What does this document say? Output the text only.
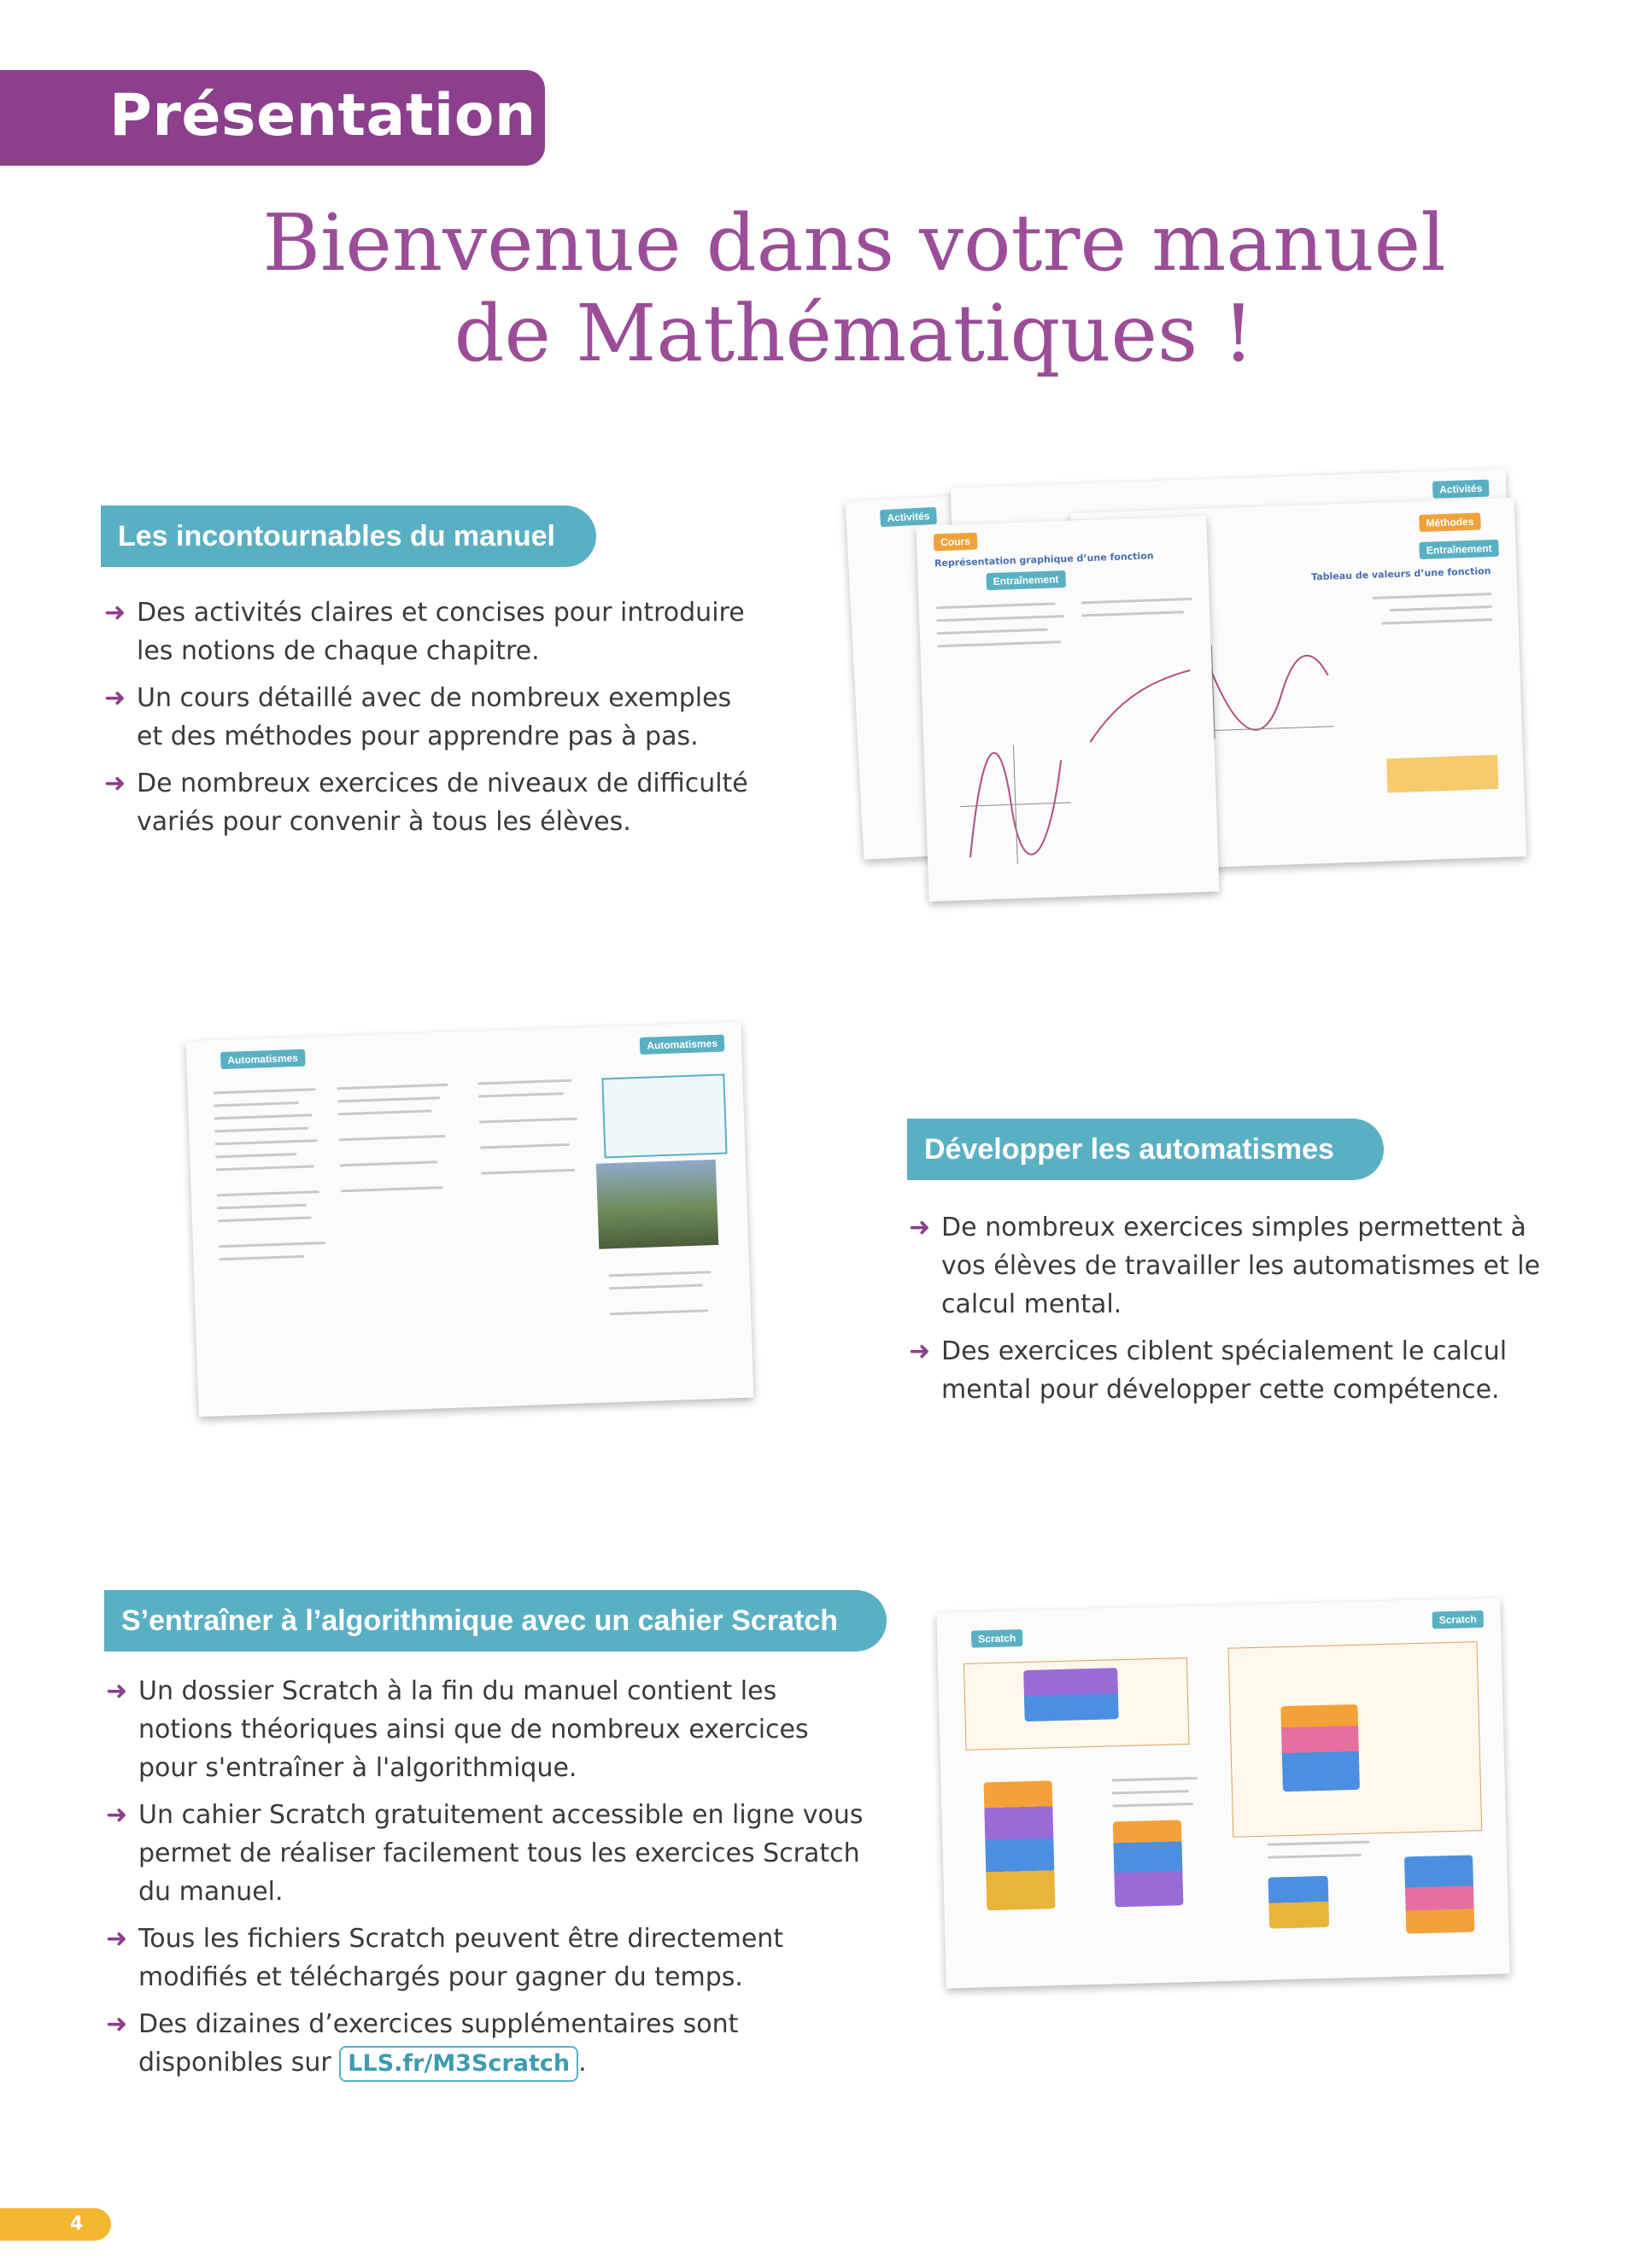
Présentation
Bienvenue dans votre manuel
de Mathématiques !
Les incontournables du manuel
➜ Des activités claires et concises pour introduire les notions de chaque chapitre.
➜ Un cours détaillé avec de nombreux exemples et des méthodes pour apprendre pas à pas.
➜ De nombreux exercices de niveaux de difficulté variés pour convenir à tous les élèves.
Activités
Activités
Méthodes
Entraînement
Tableau de valeurs d’une fonction
Cours
Représentation graphique d’une fonction
Entraînement
Automatismes
Automatismes
Développer les automatismes
➜ De nombreux exercices simples permettent à vos élèves de travailler les automatismes et le calcul mental.
➜ Des exercices ciblent spécialement le calcul mental pour développer cette compétence.
S’entraîner à l’algorithmique avec un cahier Scratch
➜ Un dossier Scratch à la fin du manuel contient les notions théoriques ainsi que de nombreux exercices pour s'entraîner à l'algorithmique.
➜ Un cahier Scratch gratuitement accessible en ligne vous permet de réaliser facilement tous les exercices Scratch du manuel.
➜ Tous les fichiers Scratch peuvent être directement modifiés et téléchargés pour gagner du temps.
➜ Des dizaines d’exercices supplémentaires sont disponibles sur LLS.fr/M3Scratch .
Scratch
Scratch
4
